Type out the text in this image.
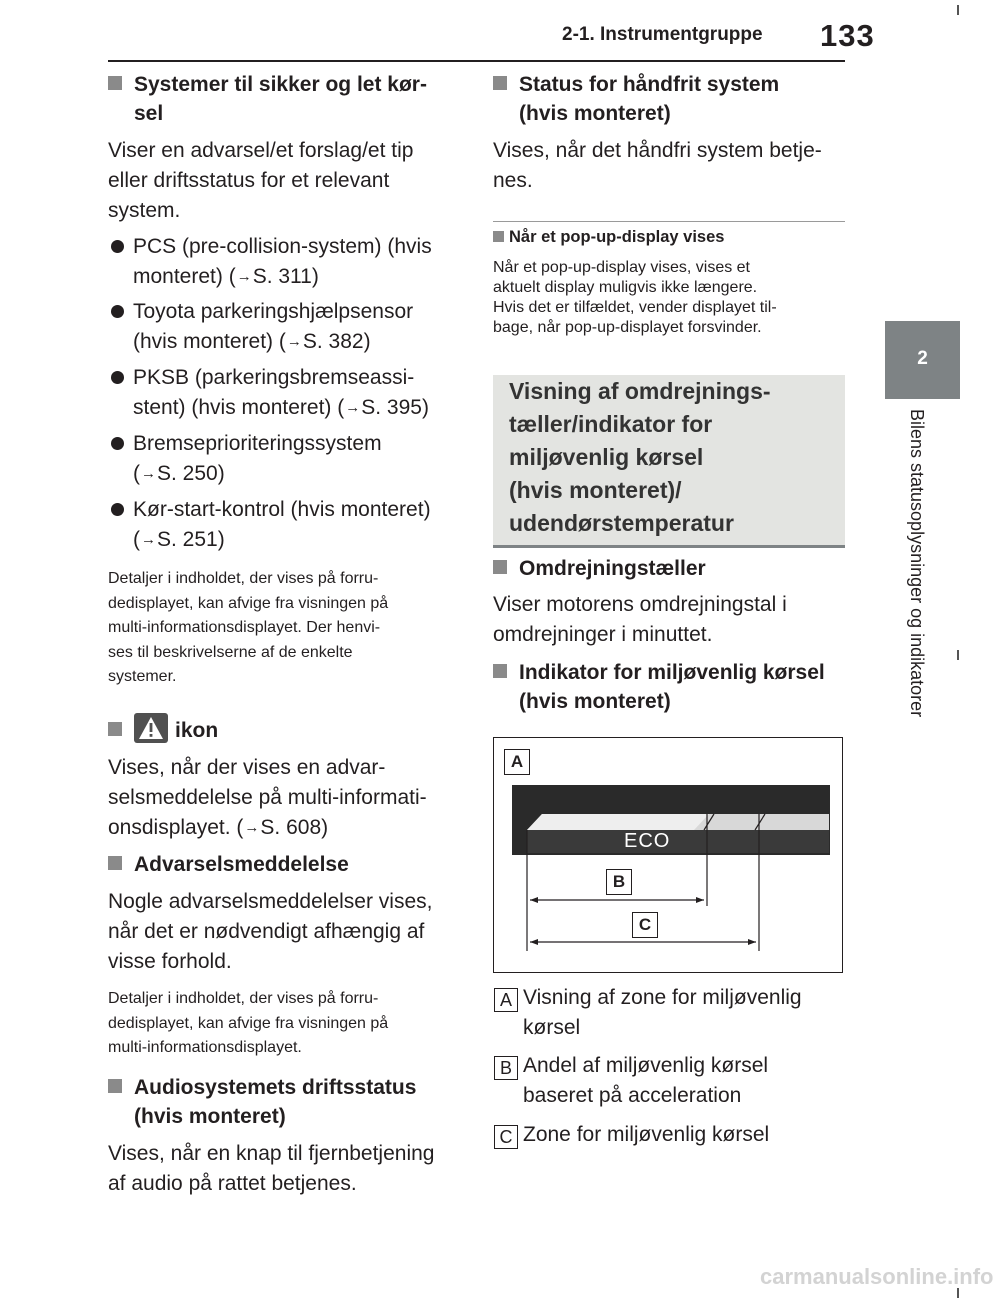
2-1. Instrumentgruppe 133
2
Bilens statusoplysninger og indikatorer
Systemer til sikker og let kør-
sel
Viser en advarsel/et forslag/et tip
eller driftsstatus for et relevant
system.
PCS (pre-collision-system) (hvis
monteret) (→S. 311)
Toyota parkeringshjælpsensor
(hvis monteret) (→S. 382)
PKSB (parkeringsbremseassi-
stent) (hvis monteret) (→S. 395)
Bremseprioriteringssystem
(→S. 250)
Kør-start-kontrol (hvis monteret)
(→S. 251)
Detaljer i indholdet, der vises på forru-
dedisplayet, kan afvige fra visningen på
multi-informationsdisplayet. Der henvi-
ses til beskrivelserne af de enkelte
systemer.
ikon
Vises, når der vises en advar-
selsmeddelelse på multi-informati-
onsdisplayet. (→S. 608)
Advarselsmeddelelse
Nogle advarselsmeddelelser vises,
når det er nødvendigt afhængig af
visse forhold.
Detaljer i indholdet, der vises på forru-
dedisplayet, kan afvige fra visningen på
multi-informationsdisplayet.
Audiosystemets driftsstatus
(hvis monteret)
Vises, når en knap til fjernbetjening
af audio på rattet betjenes.
Status for håndfrit system
(hvis monteret)
Vises, når det håndfri system betje-
nes.
Når et pop-up-display vises
Når et pop-up-display vises, vises et
aktuelt display muligvis ikke længere.
Hvis det er tilfældet, vender displayet til-
bage, når pop-up-displayet forsvinder.
Visning af omdrejnings-
tæller/indikator for
miljøvenlig kørsel
(hvis monteret)/
udendørstemperatur
Omdrejningstæller
Viser motorens omdrejningstal i
omdrejninger i minuttet.
Indikator for miljøvenlig kørsel
(hvis monteret)
A
ECO
B
C
A Visning af zone for miljøvenlig
kørsel
B Andel af miljøvenlig kørsel
baseret på acceleration
C Zone for miljøvenlig kørsel
carmanualsonline.info
